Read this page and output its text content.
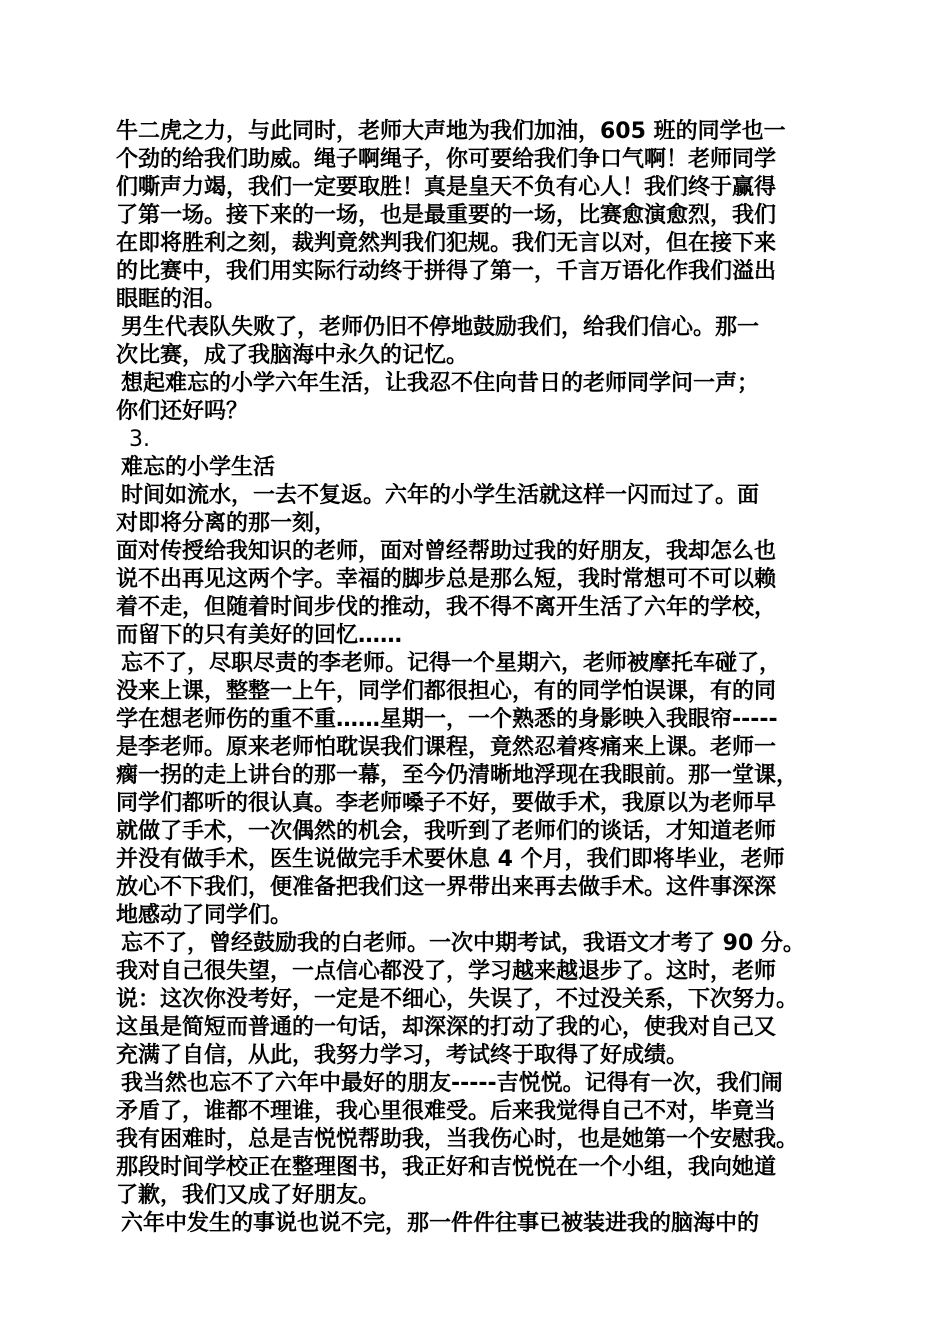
牛二虎之力，与此同时，老师大声地为我们加油，605 班的同学也一
个劲的给我们助威。绳子啊绳子，你可要给我们争口气啊！老师同学
们嘶声力竭，我们一定要取胜！真是皇天不负有心人！我们终于赢得
了第一场。接下来的一场，也是最重要的一场，比赛愈演愈烈，我们
在即将胜利之刻，裁判竟然判我们犯规。我们无言以对，但在接下来
的比赛中，我们用实际行动终于拼得了第一，千言万语化作我们溢出
眼眶的泪。
男生代表队失败了，老师仍旧不停地鼓励我们，给我们信心。那一
次比赛，成了我脑海中永久的记忆。
想起难忘的小学六年生活，让我忍不住向昔日的老师同学问一声；
你们还好吗？
3.
难忘的小学生活
时间如流水，一去不复返。六年的小学生活就这样一闪而过了。面
对即将分离的那一刻，
面对传授给我知识的老师，面对曾经帮助过我的好朋友，我却怎么也
说不出再见这两个字。幸福的脚步总是那么短，我时常想可不可以赖
着不走，但随着时间步伐的推动，我不得不离开生活了六年的学校，
而留下的只有美好的回忆……
忘不了，尽职尽责的李老师。记得一个星期六，老师被摩托车碰了，
没来上课，整整一上午，同学们都很担心，有的同学怕误课，有的同
学在想老师伤的重不重……星期一，一个熟悉的身影映入我眼帘-----
是李老师。原来老师怕耽误我们课程，竟然忍着疼痛来上课。老师一
瘸一拐的走上讲台的那一幕，至今仍清晰地浮现在我眼前。那一堂课，
同学们都听的很认真。李老师嗓子不好，要做手术，我原以为老师早
就做了手术，一次偶然的机会，我听到了老师们的谈话，才知道老师
并没有做手术，医生说做完手术要休息 4 个月，我们即将毕业，老师
放心不下我们，便准备把我们这一界带出来再去做手术。这件事深深
地感动了同学们。
忘不了，曾经鼓励我的白老师。一次中期考试，我语文才考了 90 分。
我对自己很失望，一点信心都没了，学习越来越退步了。这时，老师
说：这次你没考好，一定是不细心，失误了，不过没关系，下次努力。
这虽是简短而普通的一句话，却深深的打动了我的心，使我对自己又
充满了自信，从此，我努力学习，考试终于取得了好成绩。
我当然也忘不了六年中最好的朋友-----吉悦悦。记得有一次，我们闹
矛盾了，谁都不理谁，我心里很难受。后来我觉得自己不对，毕竟当
我有困难时，总是吉悦悦帮助我，当我伤心时，也是她第一个安慰我。
那段时间学校正在整理图书，我正好和吉悦悦在一个小组，我向她道
了歉，我们又成了好朋友。
六年中发生的事说也说不完，那一件件往事已被装进我的脑海中的
